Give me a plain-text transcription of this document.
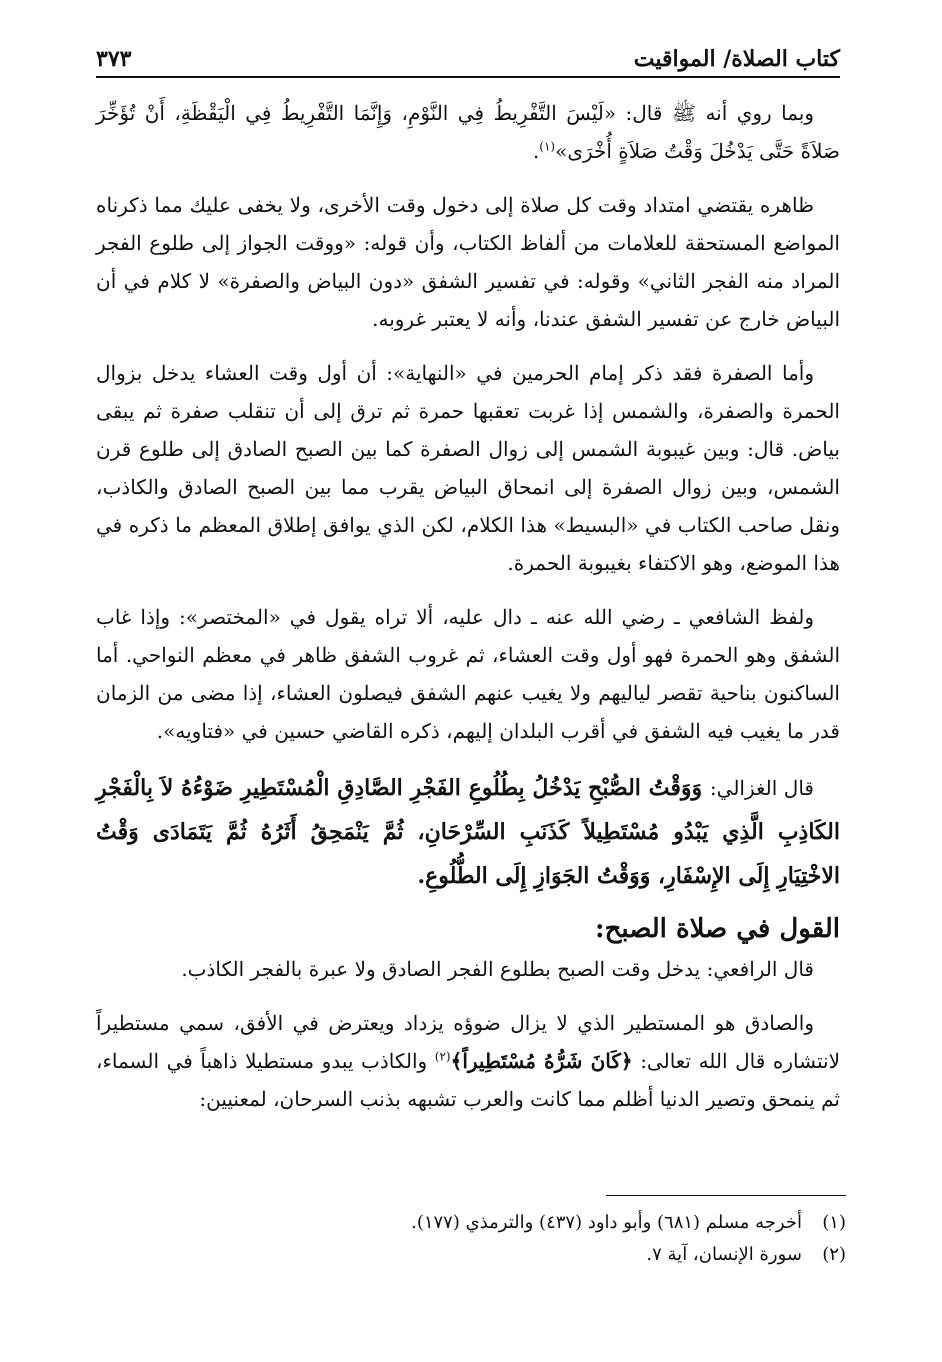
كتاب الصلاة/ المواقيت
٣٧٣

وبما روي أنه ﷺ قال: «لَيْسَ التَّفْرِيطُ فِي النَّوْمِ، وَإِنَّمَا التَّفْرِيطُ فِي الْيَقْظَةِ، أَنْ تُؤَخِّرَ صَلاَةً حَتَّى يَدْخُلَ وَقْتُ صَلاَةٍ أُخْرَى»$^{(١)}$.

ظاهره يقتضي امتداد وقت كل صلاة إلى دخول وقت الأخرى، ولا يخفى عليك مما ذكرناه المواضع المستحقة للعلامات من ألفاظ الكتاب، وأن قوله: «ووقت الجواز إلى طلوع الفجر المراد منه الفجر الثاني» وقوله: في تفسير الشفق «دون البياض والصفرة» لا كلام في أن البياض خارج عن تفسير الشفق عندنا، وأنه لا يعتبر غروبه.

وأما الصفرة فقد ذكر إمام الحرمين في «النهاية»: أن أول وقت العشاء يدخل بزوال الحمرة والصفرة، والشمس إذا غربت تعقبها حمرة ثم ترق إلى أن تنقلب صفرة ثم يبقى بياض. قال: وبين غيبوبة الشمس إلى زوال الصفرة كما بين الصبح الصادق إلى طلوع قرن الشمس، وبين زوال الصفرة إلى انمحاق البياض يقرب مما بين الصبح الصادق والكاذب، ونقل صاحب الكتاب في «البسيط» هذا الكلام، لكن الذي يوافق إطلاق المعظم ما ذكره في هذا الموضع، وهو الاكتفاء بغيبوبة الحمرة.

ولفظ الشافعي ـ رضي الله عنه ـ دال عليه، ألا تراه يقول في «المختصر»: وإذا غاب الشفق وهو الحمرة فهو أول وقت العشاء، ثم غروب الشفق ظاهر في معظم النواحي. أما الساكنون بناحية تقصر لياليهم ولا يغيب عنهم الشفق فيصلون العشاء، إذا مضى من الزمان قدر ما يغيب فيه الشفق في أقرب البلدان إليهم، ذكره القاضي حسين في «فتاويه».

قال الغزالي: وَوَقْتُ الصُّبْحِ يَدْخُلُ بِطُلُوعِ الفَجْرِ الصَّادِقِ الْمُسْتَطِيرِ ضَوْءُهُ لاَ بِالْفَجْرِ الكَاذِبِ الَّذِي يَبْدُو مُسْتَطِيلاً كَذَنَبِ السِّرْحَانِ، ثُمَّ يَنْمَحِقُ أَثَرُهُ ثُمَّ يَتَمَادَى وَقْتُ الاخْتِيَارِ إِلَى الإِسْفَارِ، وَوَقْتُ الجَوَازِ إِلَى الطُّلُوعِ.

القول في صلاة الصبح:

قال الرافعي: يدخل وقت الصبح بطلوع الفجر الصادق ولا عبرة بالفجر الكاذب.

والصادق هو المستطير الذي لا يزال ضوؤه يزداد ويعترض في الأفق، سمي مستطيراً لانتشاره قال الله تعالى: ﴿كَانَ شَرُّهُ مُسْتَطِيراً﴾$^{(٢)}$ والكاذب يبدو مستطيلا ذاهباً في السماء، ثم ينمحق وتصير الدنيا أظلم مما كانت والعرب تشبهه بذنب السرحان، لمعنيين:

(١)أخرجه مسلم (٦٨١) وأبو داود (٤٣٧) والترمذي (١٧٧).
(٢)سورة الإنسان، آية ٧.
